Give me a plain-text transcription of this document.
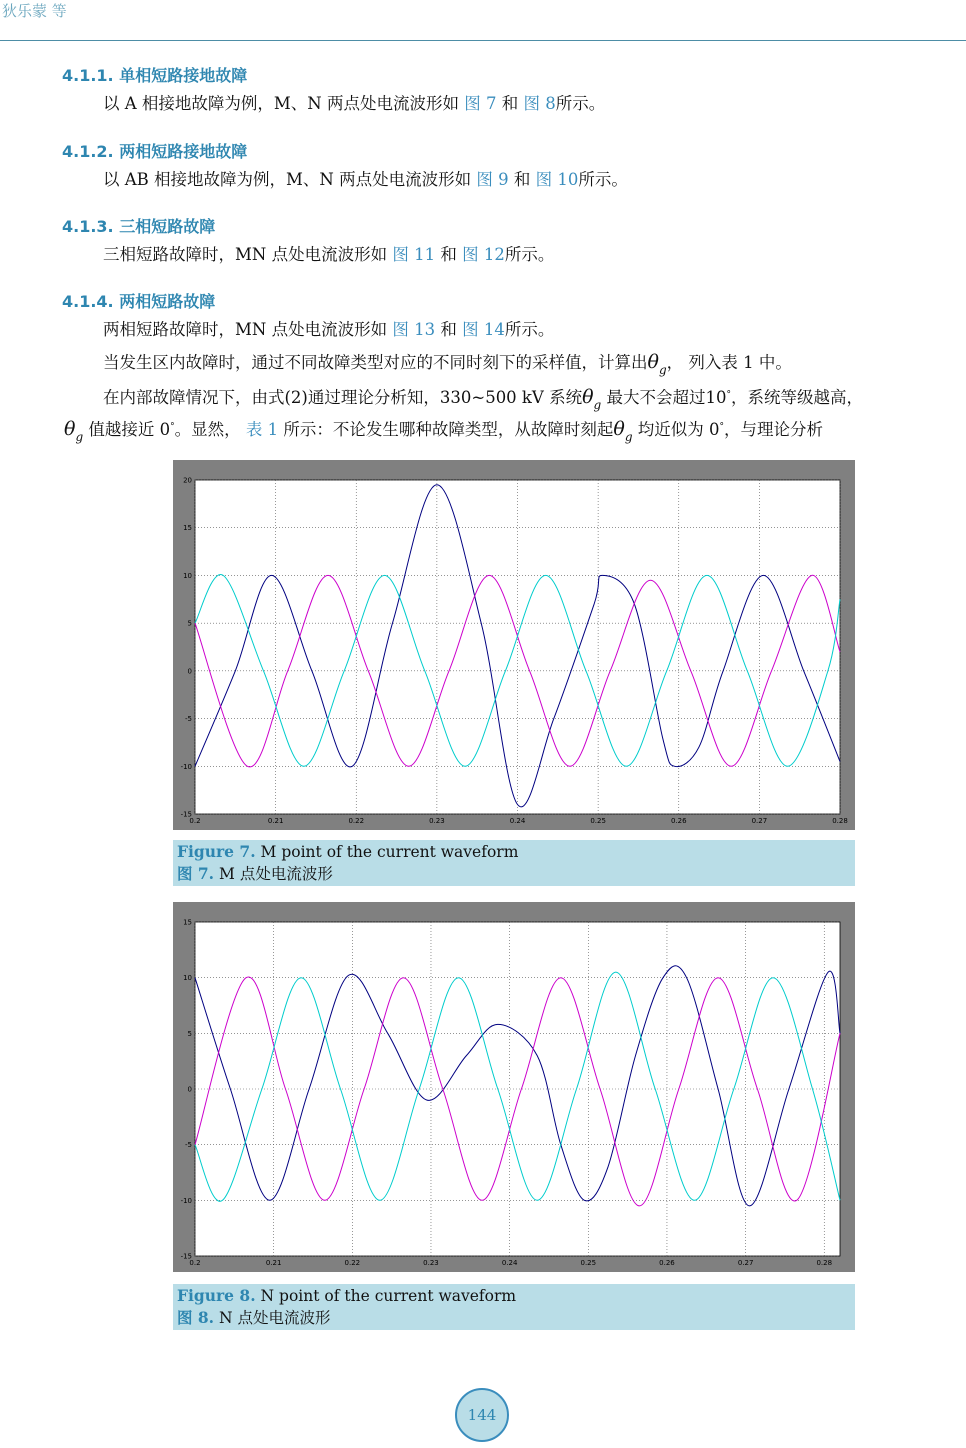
狄乐蒙 等
4.1.1. 单相短路接地故障
以 A 相接地故障为例，M、N 两点处电流波形如 图 7 和 图 8所示。
4.1.2. 两相短路接地故障
以 AB 相接地故障为例，M、N 两点处电流波形如 图 9 和 图 10所示。
4.1.3. 三相短路故障
三相短路故障时，MN 点处电流波形如 图 11 和 图 12所示。
4.1.4. 两相短路故障
两相短路故障时，MN 点处电流波形如 图 13 和 图 14所示。
当发生区内故障时，通过不同故障类型对应的不同时刻下的采样值，计算出$\theta_g$， 列入表 1 中。
在内部故障情况下，由式(2)通过理论分析知，330~500 kV 系统$\theta_g$ 最大不会超过10°，系统等级越高，
$\theta_g$ 值越接近 0°。显然， 表 1 所示：不论发生哪种故障类型，从故障时刻起$\theta_g$ 均近似为 0°，与理论分析
0.2	0.21	0.22	0.23	0.24	0.25	0.26	0.27	0.28
20
15
10
5
0
-5
-10
-15
Figure 7. M point of the current waveform
图 7. M 点处电流波形
0.2	0.21	0.22	0.23	0.24	0.25	0.26	0.27	0.28
15
10
5
0
-5
-10
-15
Figure 8. N point of the current waveform
图 8. N 点处电流波形
144
